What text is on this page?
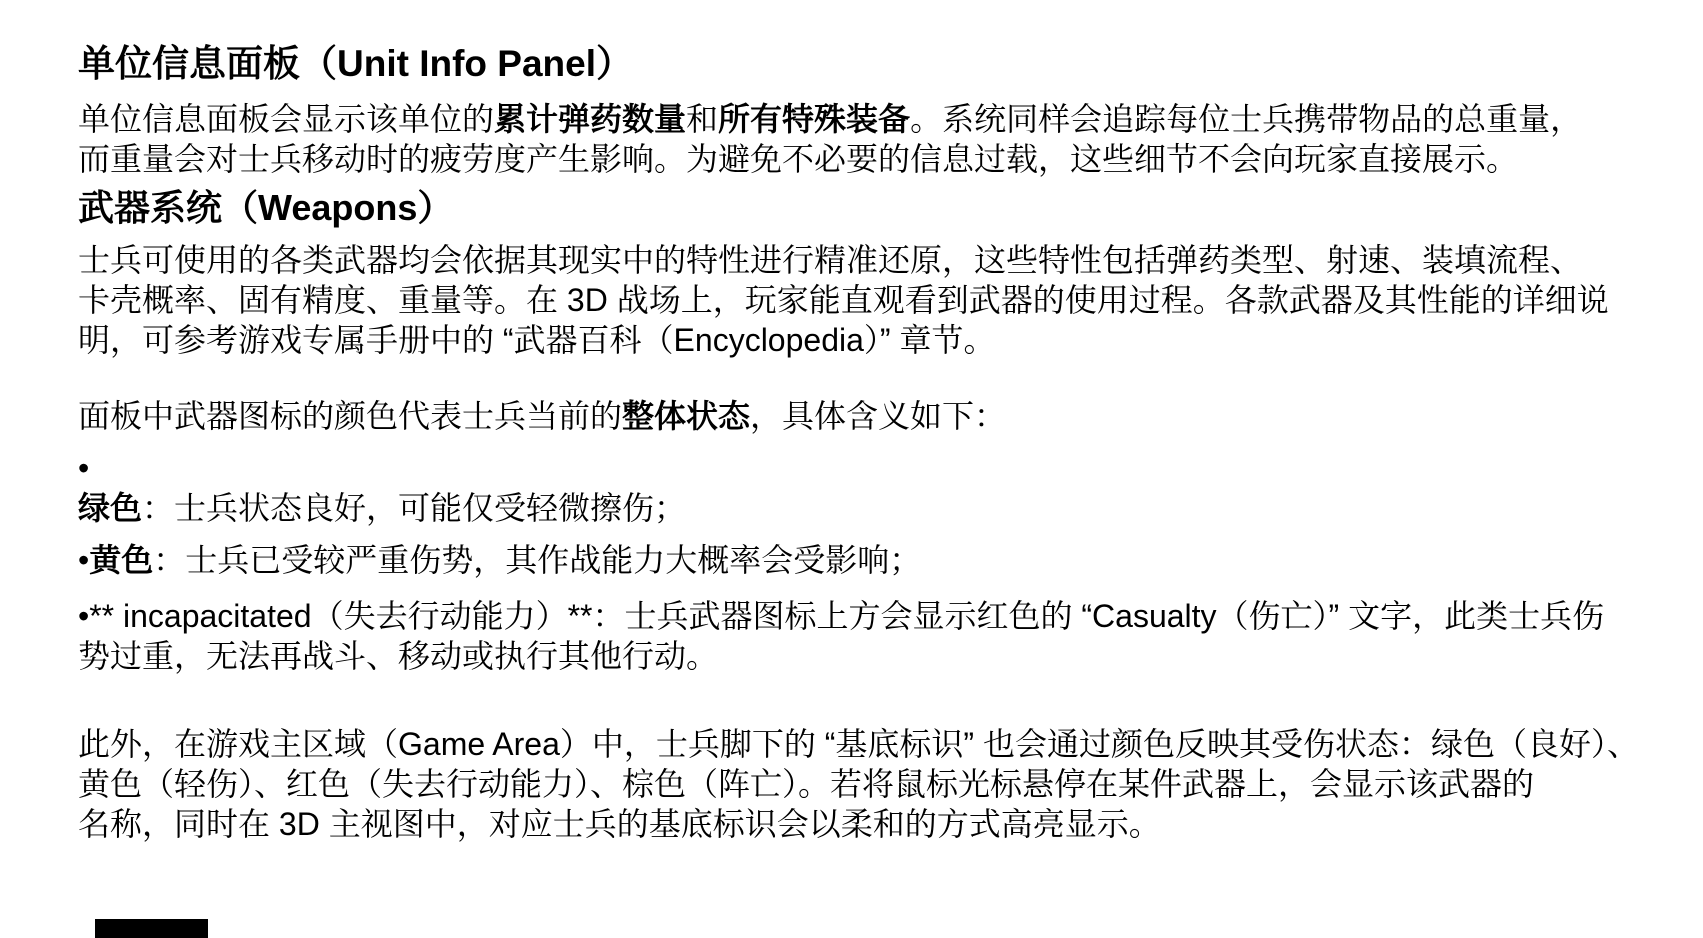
单位信息面板（Unit Info Panel）

单位信息面板会显示该单位的累计弹药数量和所有特殊装备。系统同样会追踪每位士兵携带物品的总重量，
而重量会对士兵移动时的疲劳度产生影响。为避免不必要的信息过载，这些细节不会向玩家直接展示。

武器系统（Weapons）

士兵可使用的各类武器均会依据其现实中的特性进行精准还原，这些特性包括弹药类型、射速、装填流程、
卡壳概率、固有精度、重量等。在 3D 战场上，玩家能直观看到武器的使用过程。各款武器及其性能的详细说
明，可参考游戏专属手册中的 “武器百科（Encyclopedia）” 章节。

面板中武器图标的颜色代表士兵当前的整体状态，具体含义如下：

•
绿色：士兵状态良好，可能仅受轻微擦伤；

•黄色：士兵已受较严重伤势，其作战能力大概率会受影响；

•** incapacitated（失去行动能力）**：士兵武器图标上方会显示红色的 “Casualty（伤亡）” 文字，此类士兵伤
势过重，无法再战斗、移动或执行其他行动。

此外，在游戏主区域（Game Area）中，士兵脚下的 “基底标识” 也会通过颜色反映其受伤状态：绿色（良好）、
黄色（轻伤）、红色（失去行动能力）、棕色（阵亡）。若将鼠标光标悬停在某件武器上，会显示该武器的
名称，同时在 3D 主视图中，对应士兵的基底标识会以柔和的方式高亮显示。
